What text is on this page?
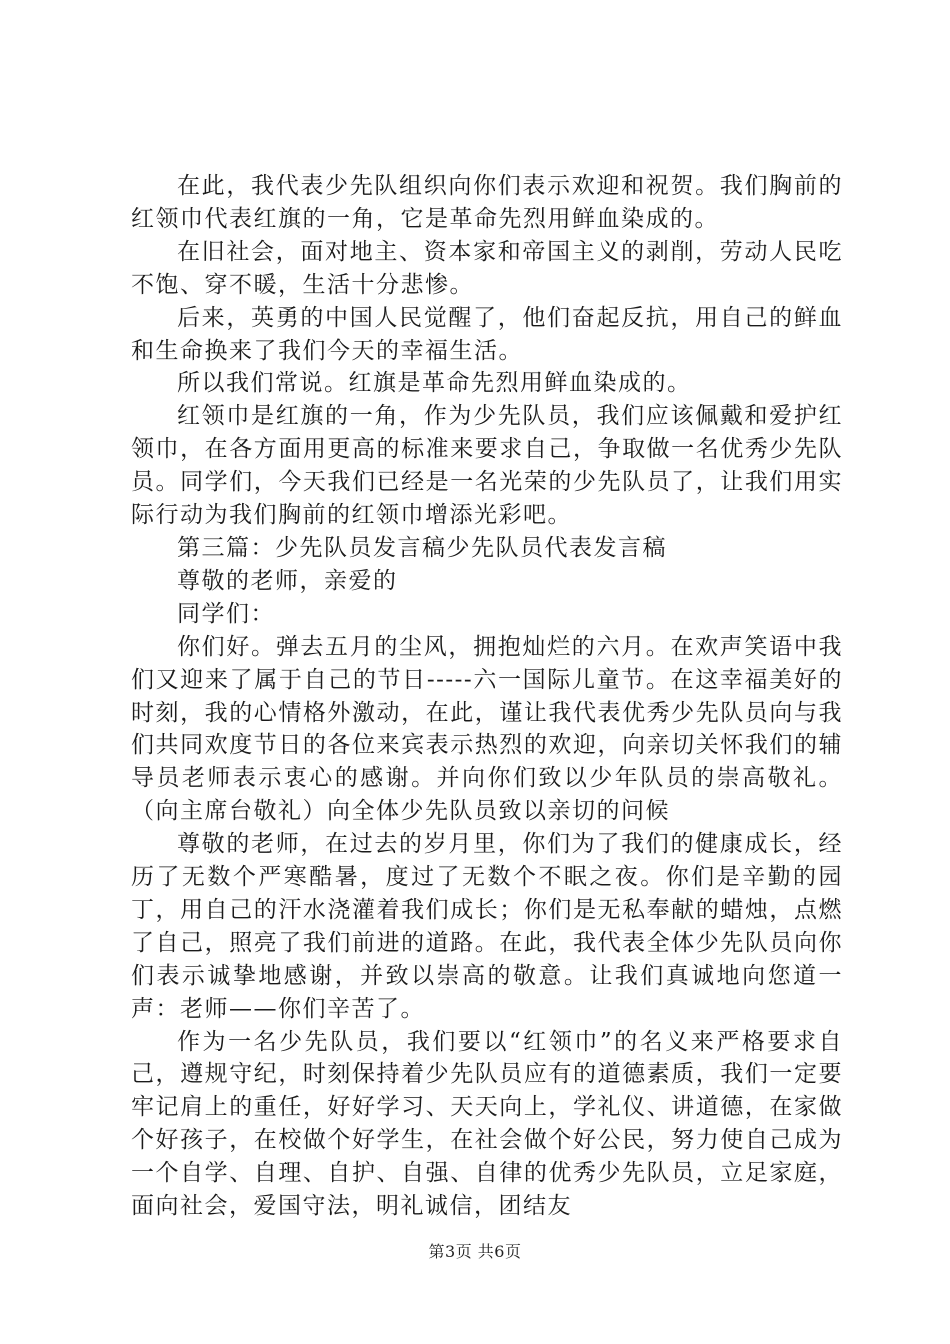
在此，我代表少先队组织向你们表示欢迎和祝贺。我们胸前的红领巾代表红旗的一角，它是革命先烈用鲜血染成的。

在旧社会，面对地主、资本家和帝国主义的剥削，劳动人民吃不饱、穿不暖，生活十分悲惨。

后来，英勇的中国人民觉醒了，他们奋起反抗，用自己的鲜血和生命换来了我们今天的幸福生活。

所以我们常说。红旗是革命先烈用鲜血染成的。

红领巾是红旗的一角，作为少先队员，我们应该佩戴和爱护红领巾，在各方面用更高的标准来要求自己，争取做一名优秀少先队员。同学们，今天我们已经是一名光荣的少先队员了，让我们用实际行动为我们胸前的红领巾增添光彩吧。

第三篇：少先队员发言稿少先队员代表发言稿

尊敬的老师，亲爱的

同学们：

你们好。弹去五月的尘风，拥抱灿烂的六月。在欢声笑语中我们又迎来了属于自己的节日-----六一国际儿童节。在这幸福美好的时刻，我的心情格外激动，在此，谨让我代表优秀少先队员向与我们共同欢度节日的各位来宾表示热烈的欢迎，向亲切关怀我们的辅导员老师表示衷心的感谢。并向你们致以少年队员的崇高敬礼。（向主席台敬礼）向全体少先队员致以亲切的问候

尊敬的老师，在过去的岁月里，你们为了我们的健康成长，经历了无数个严寒酷暑，度过了无数个不眠之夜。你们是辛勤的园丁，用自己的汗水浇灌着我们成长；你们是无私奉献的蜡烛，点燃了自己，照亮了我们前进的道路。在此，我代表全体少先队员向你们表示诚挚地感谢，并致以崇高的敬意。让我们真诚地向您道一声：老师——你们辛苦了。

作为一名少先队员，我们要以“红领巾”的名义来严格要求自己，遵规守纪，时刻保持着少先队员应有的道德素质，我们一定要牢记肩上的重任，好好学习、天天向上，学礼仪、讲道德，在家做个好孩子，在校做个好学生，在社会做个好公民，努力使自己成为一个自学、自理、自护、自强、自律的优秀少先队员，立足家庭，面向社会，爱国守法，明礼诚信，团结友

第3页 共6页
